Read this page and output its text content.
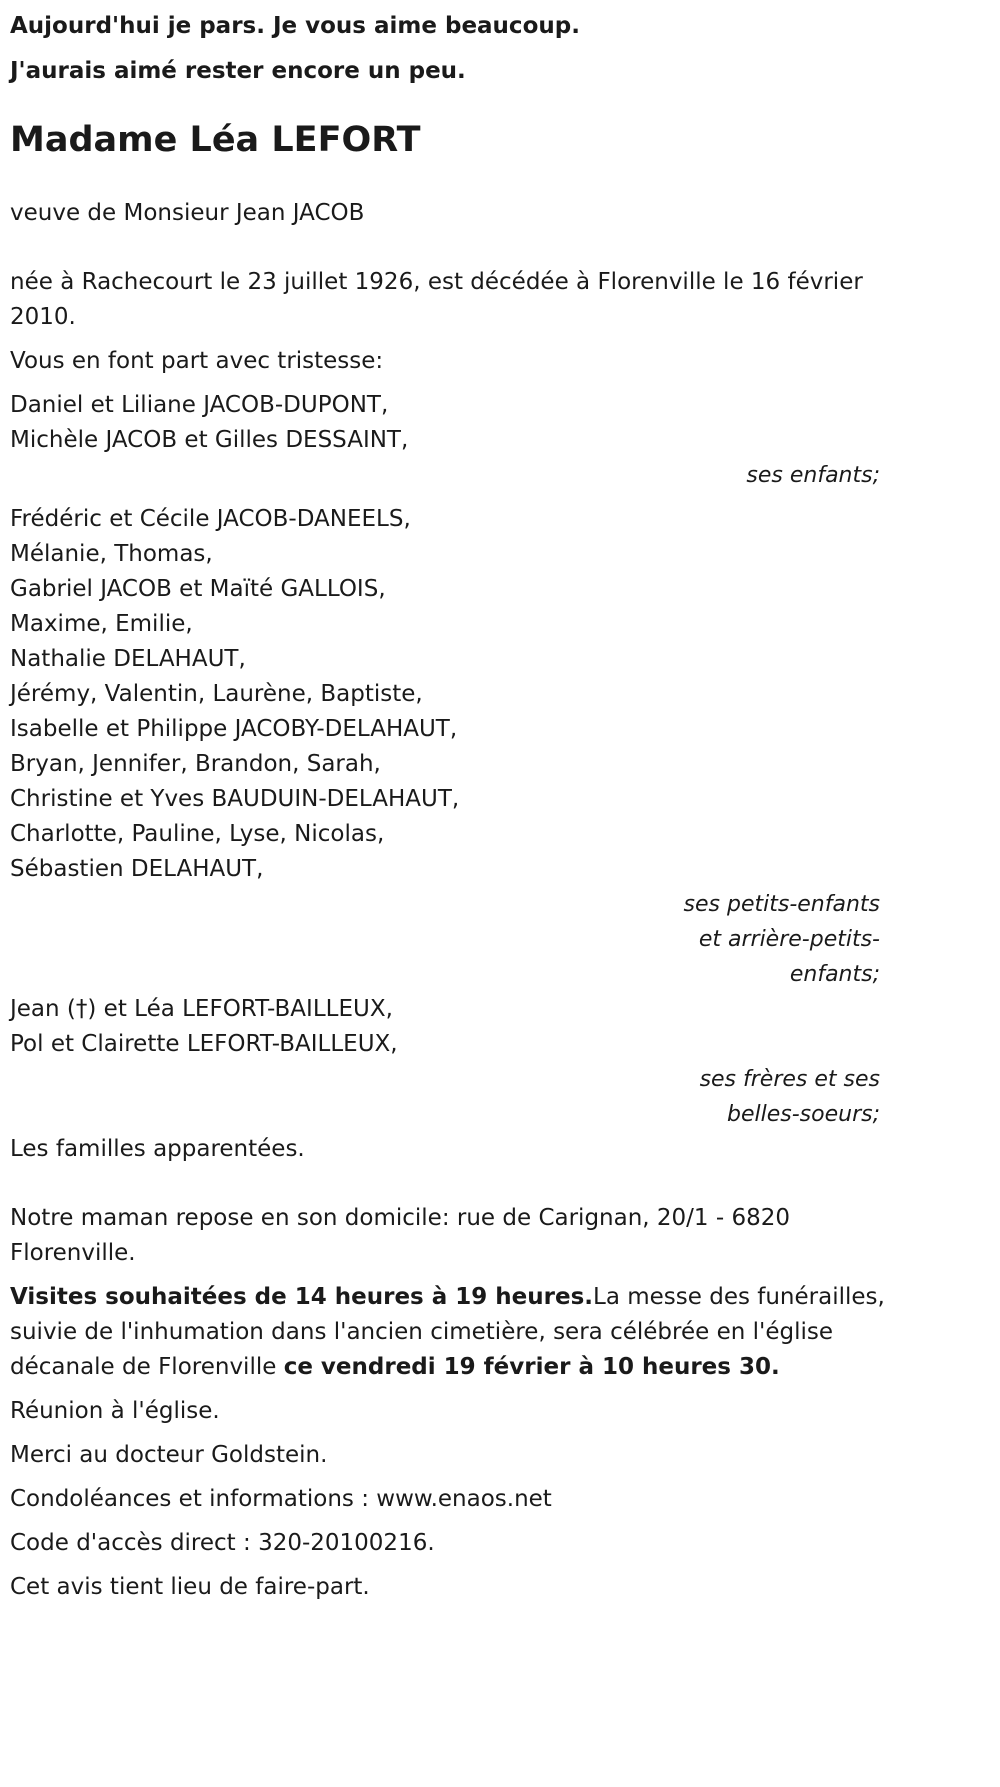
Aujourd'hui je pars. Je vous aime beaucoup.
J'aurais aimé rester encore un peu.
Madame Léa LEFORT

veuve de Monsieur Jean JACOB

née à Rachecourt le 23 juillet 1926, est décédée à Florenville le 16 février 2010.

Vous en font part avec tristesse:

Daniel et Liliane JACOB-DUPONT,
Michèle JACOB et Gilles DESSAINT,
ses enfants;
Frédéric et Cécile JACOB-DANEELS,
Mélanie, Thomas,
Gabriel JACOB et Maïté GALLOIS,
Maxime, Emilie,
Nathalie DELAHAUT,
Jérémy, Valentin, Laurène, Baptiste,
Isabelle et Philippe JACOBY-DELAHAUT,
Bryan, Jennifer, Brandon, Sarah,
Christine et Yves BAUDUIN-DELAHAUT,
Charlotte, Pauline, Lyse, Nicolas,
Sébastien DELAHAUT,
ses petits-enfants
et arrière-petits-
enfants;
Jean (†) et Léa LEFORT-BAILLEUX,
Pol et Clairette LEFORT-BAILLEUX,
ses frères et ses
belles-soeurs;

Les familles apparentées.

Notre maman repose en son domicile: rue de Carignan, 20/1 - 6820 Florenville.

Visites souhaitées de 14 heures à 19 heures.La messe des funérailles, suivie de l'inhumation dans l'ancien cimetière, sera célébrée en l'église décanale de Florenville ce vendredi 19 février à 10 heures 30.

Réunion à l'église.

Merci au docteur Goldstein.

Condoléances et informations : www.enaos.net

Code d'accès direct : 320-20100216.

Cet avis tient lieu de faire-part.
